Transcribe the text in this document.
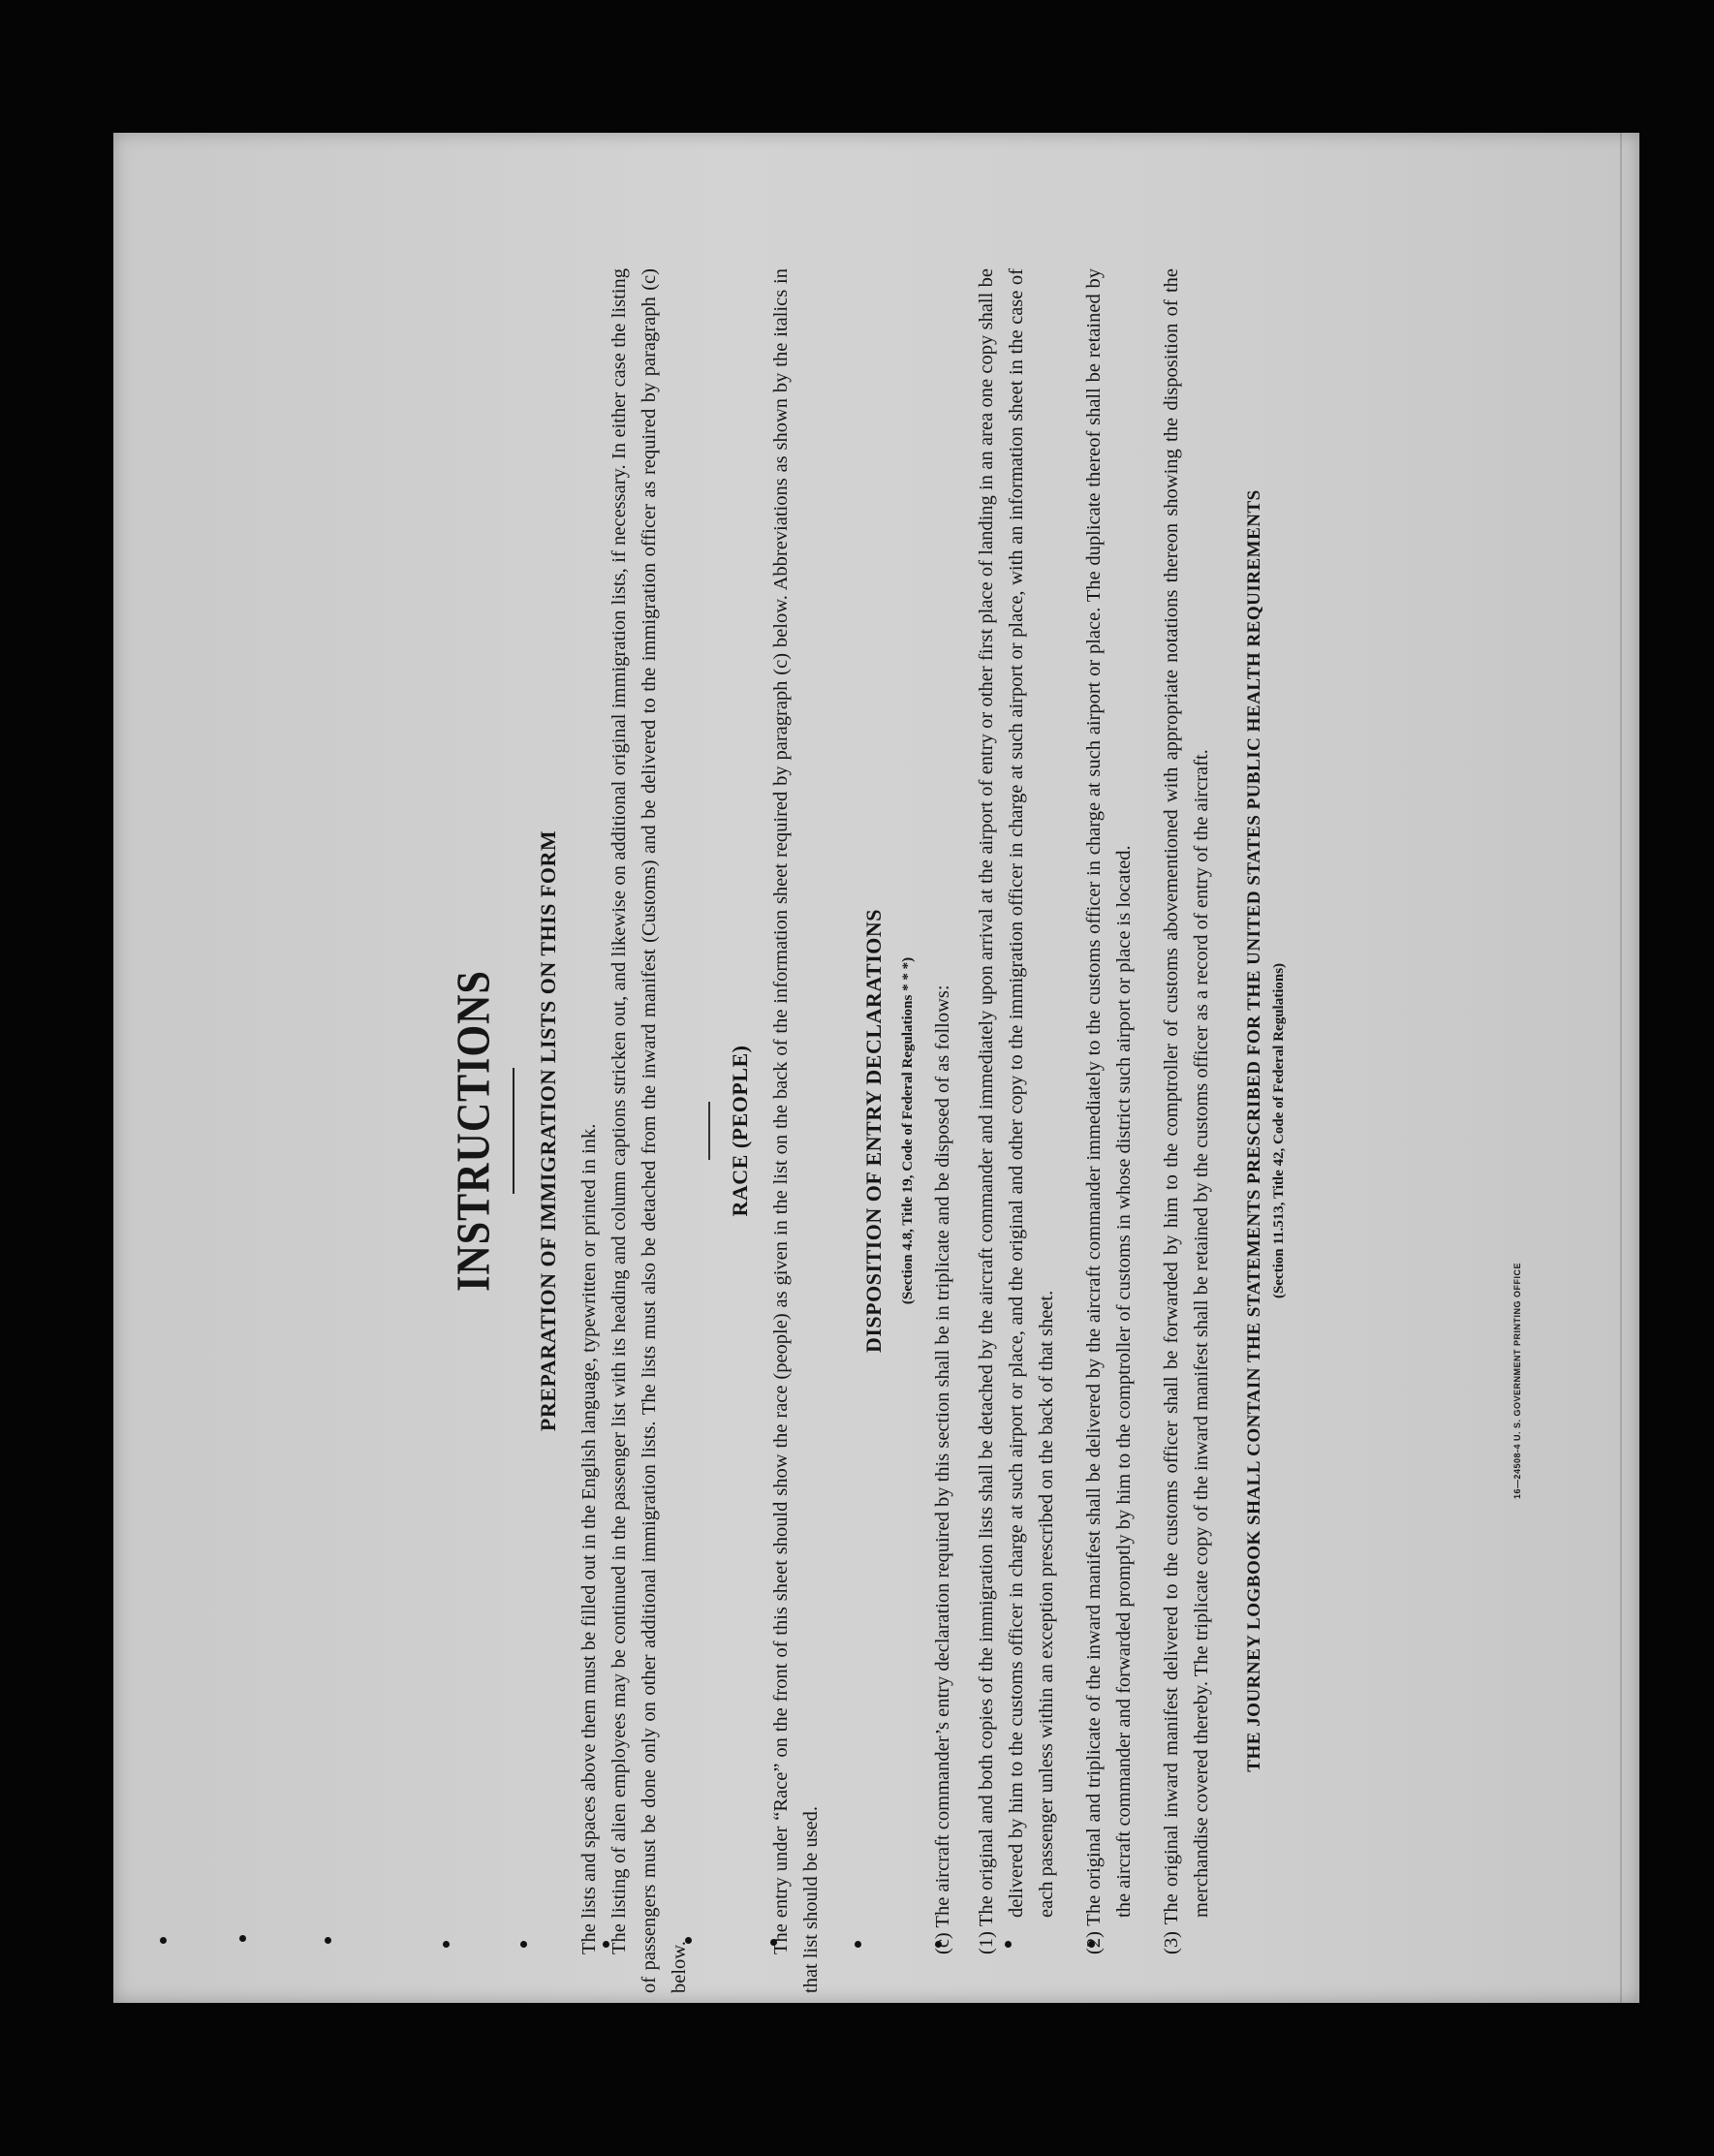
INSTRUCTIONS PREPARATION OF IMMIGRATION LISTS ON THIS FORM The lists and spaces above them must be filled out in the English language, typewritten or printed in ink. The listing of alien employees may be continued in the passenger list with its heading and column captions stricken out, and likewise on additional original immigration lists, if necessary. In either case the listing of passengers must be done only on other additional immigration lists. The lists must also be detached from the inward manifest (Customs) and be delivered to the immigration officer as required by paragraph (c) below.

RACE (PEOPLE) The entry under “Race” on the front of this sheet should show the race (people) as given in the list on the back of the information sheet required by paragraph (c) below. Abbreviations as shown by the italics in that list should be used.

DISPOSITION OF ENTRY DECLARATIONS (Section 4.8, Title 19, Code of Federal Regulations * * *) (c) The aircraft commander’s entry declaration required by this section shall be in triplicate and be disposed of as follows: (1) The original and both copies of the immigration lists shall be detached by the aircraft commander and immediately upon arrival at the airport of entry or other first place of landing in an area one copy shall be delivered by him to the customs officer in charge at such airport or place, and the original and other copy to the immigration officer in charge at such airport or place, with an information sheet in the case of each passenger unless within an exception prescribed on the back of that sheet. (2) The original and triplicate of the inward manifest shall be delivered by the aircraft commander immediately to the customs officer in charge at such airport or place. The duplicate thereof shall be retained by the aircraft commander and forwarded promptly by him to the comptroller of customs in whose district such airport or place is located. (3) The original inward manifest delivered to the customs officer shall be forwarded by him to the comptroller of customs abovementioned with appropriate notations thereon showing the disposition of the merchandise covered thereby. The triplicate copy of the inward manifest shall be retained by the customs officer as a record of entry of the aircraft. THE JOURNEY LOGBOOK SHALL CONTAIN THE STATEMENTS PRESCRIBED FOR THE UNITED STATES PUBLIC HEALTH REQUIREMENTS (Section 11.513, Title 42, Code of Federal Regulations)
16—24508-4 U. S. GOVERNMENT PRINTING OFFICE
